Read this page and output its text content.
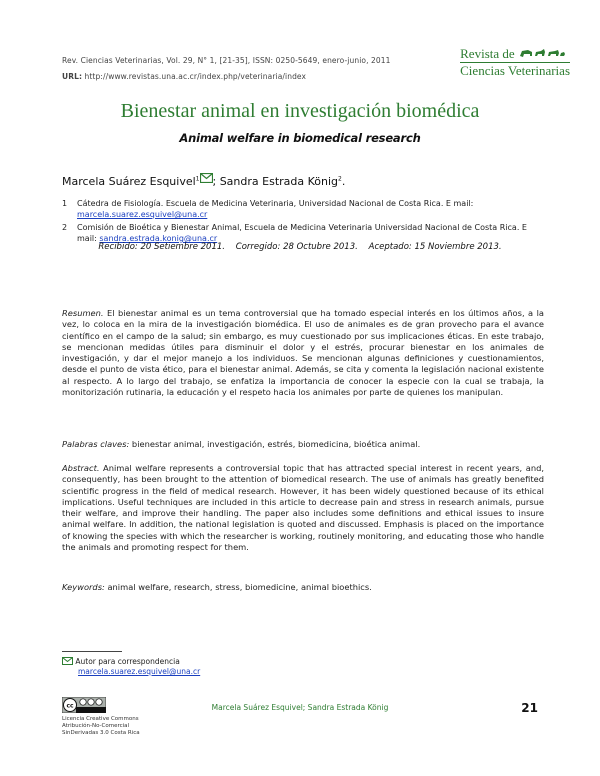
Rev. Ciencias Veterinarias, Vol. 29, N° 1, [21-35], ISSN: 0250-5649, enero-junio, 2011
URL: http://www.revistas.una.ac.cr/index.php/veterinaria/index
Revista de
Ciencias Veterinarias
Bienestar animal en investigación biomédica
Animal welfare in biomedical research
Marcela Suárez Esquivel$^1$ ; Sandra Estrada König$^2$.
1 Cátedra de Fisiología. Escuela de Medicina Veterinaria, Universidad Nacional de Costa Rica. E mail: marcela.suarez.esquivel@una.cr
2 Comisión de Bioética y Bienestar Animal, Escuela de Medicina Veterinaria Universidad Nacional de Costa Rica. E mail: sandra.estrada.konig@una.cr
Recibido: 20 Setiembre 2011. Corregido: 28 Octubre 2013. Aceptado: 15 Noviembre 2013.
Resumen. El bienestar animal es un tema controversial que ha tomado especial interés en los últimos años, a la vez, lo coloca en la mira de la investigación biomédica. El uso de animales es de gran provecho para el avance científico en el campo de la salud; sin embargo, es muy cuestionado por sus implicaciones éticas. En este trabajo, se mencionan medidas útiles para disminuir el dolor y el estrés, procurar bienestar en los animales de investigación, y dar el mejor manejo a los individuos. Se mencionan algunas definiciones y cuestionamientos, desde el punto de vista ético, para el bienestar animal. Además, se cita y comenta la legislación nacional existente al respecto. A lo largo del trabajo, se enfatiza la importancia de conocer la especie con la cual se trabaja, la monitorización rutinaria, la educación y el respeto hacia los animales por parte de quienes los manipulan.
Palabras claves: bienestar animal, investigación, estrés, biomedicina, bioética animal.
Abstract. Animal welfare represents a controversial topic that has attracted special interest in recent years, and, consequently, has been brought to the attention of biomedical research. The use of animals has greatly benefited scientific progress in the field of medical research. However, it has been widely questioned because of its ethical implications. Useful techniques are included in this article to decrease pain and stress in research animals, pursue their welfare, and improve their handling. The paper also includes some definitions and ethical issues to insure animal welfare. In addition, the national legislation is quoted and discussed. Emphasis is placed on the importance of knowing the species with which the researcher is working, routinely monitoring, and educating those who handle the animals and promoting respect for them.
Keywords: animal welfare, research, stress, biomedicine, animal bioethics.
Autor para correspondencia
marcela.suarez.esquivel@una.cr
cc
Licencia Creative Commons
Atribución-No-Comercial
SinDerivadas 3.0 Costa Rica
Marcela Suárez Esquivel; Sandra Estrada König	21
